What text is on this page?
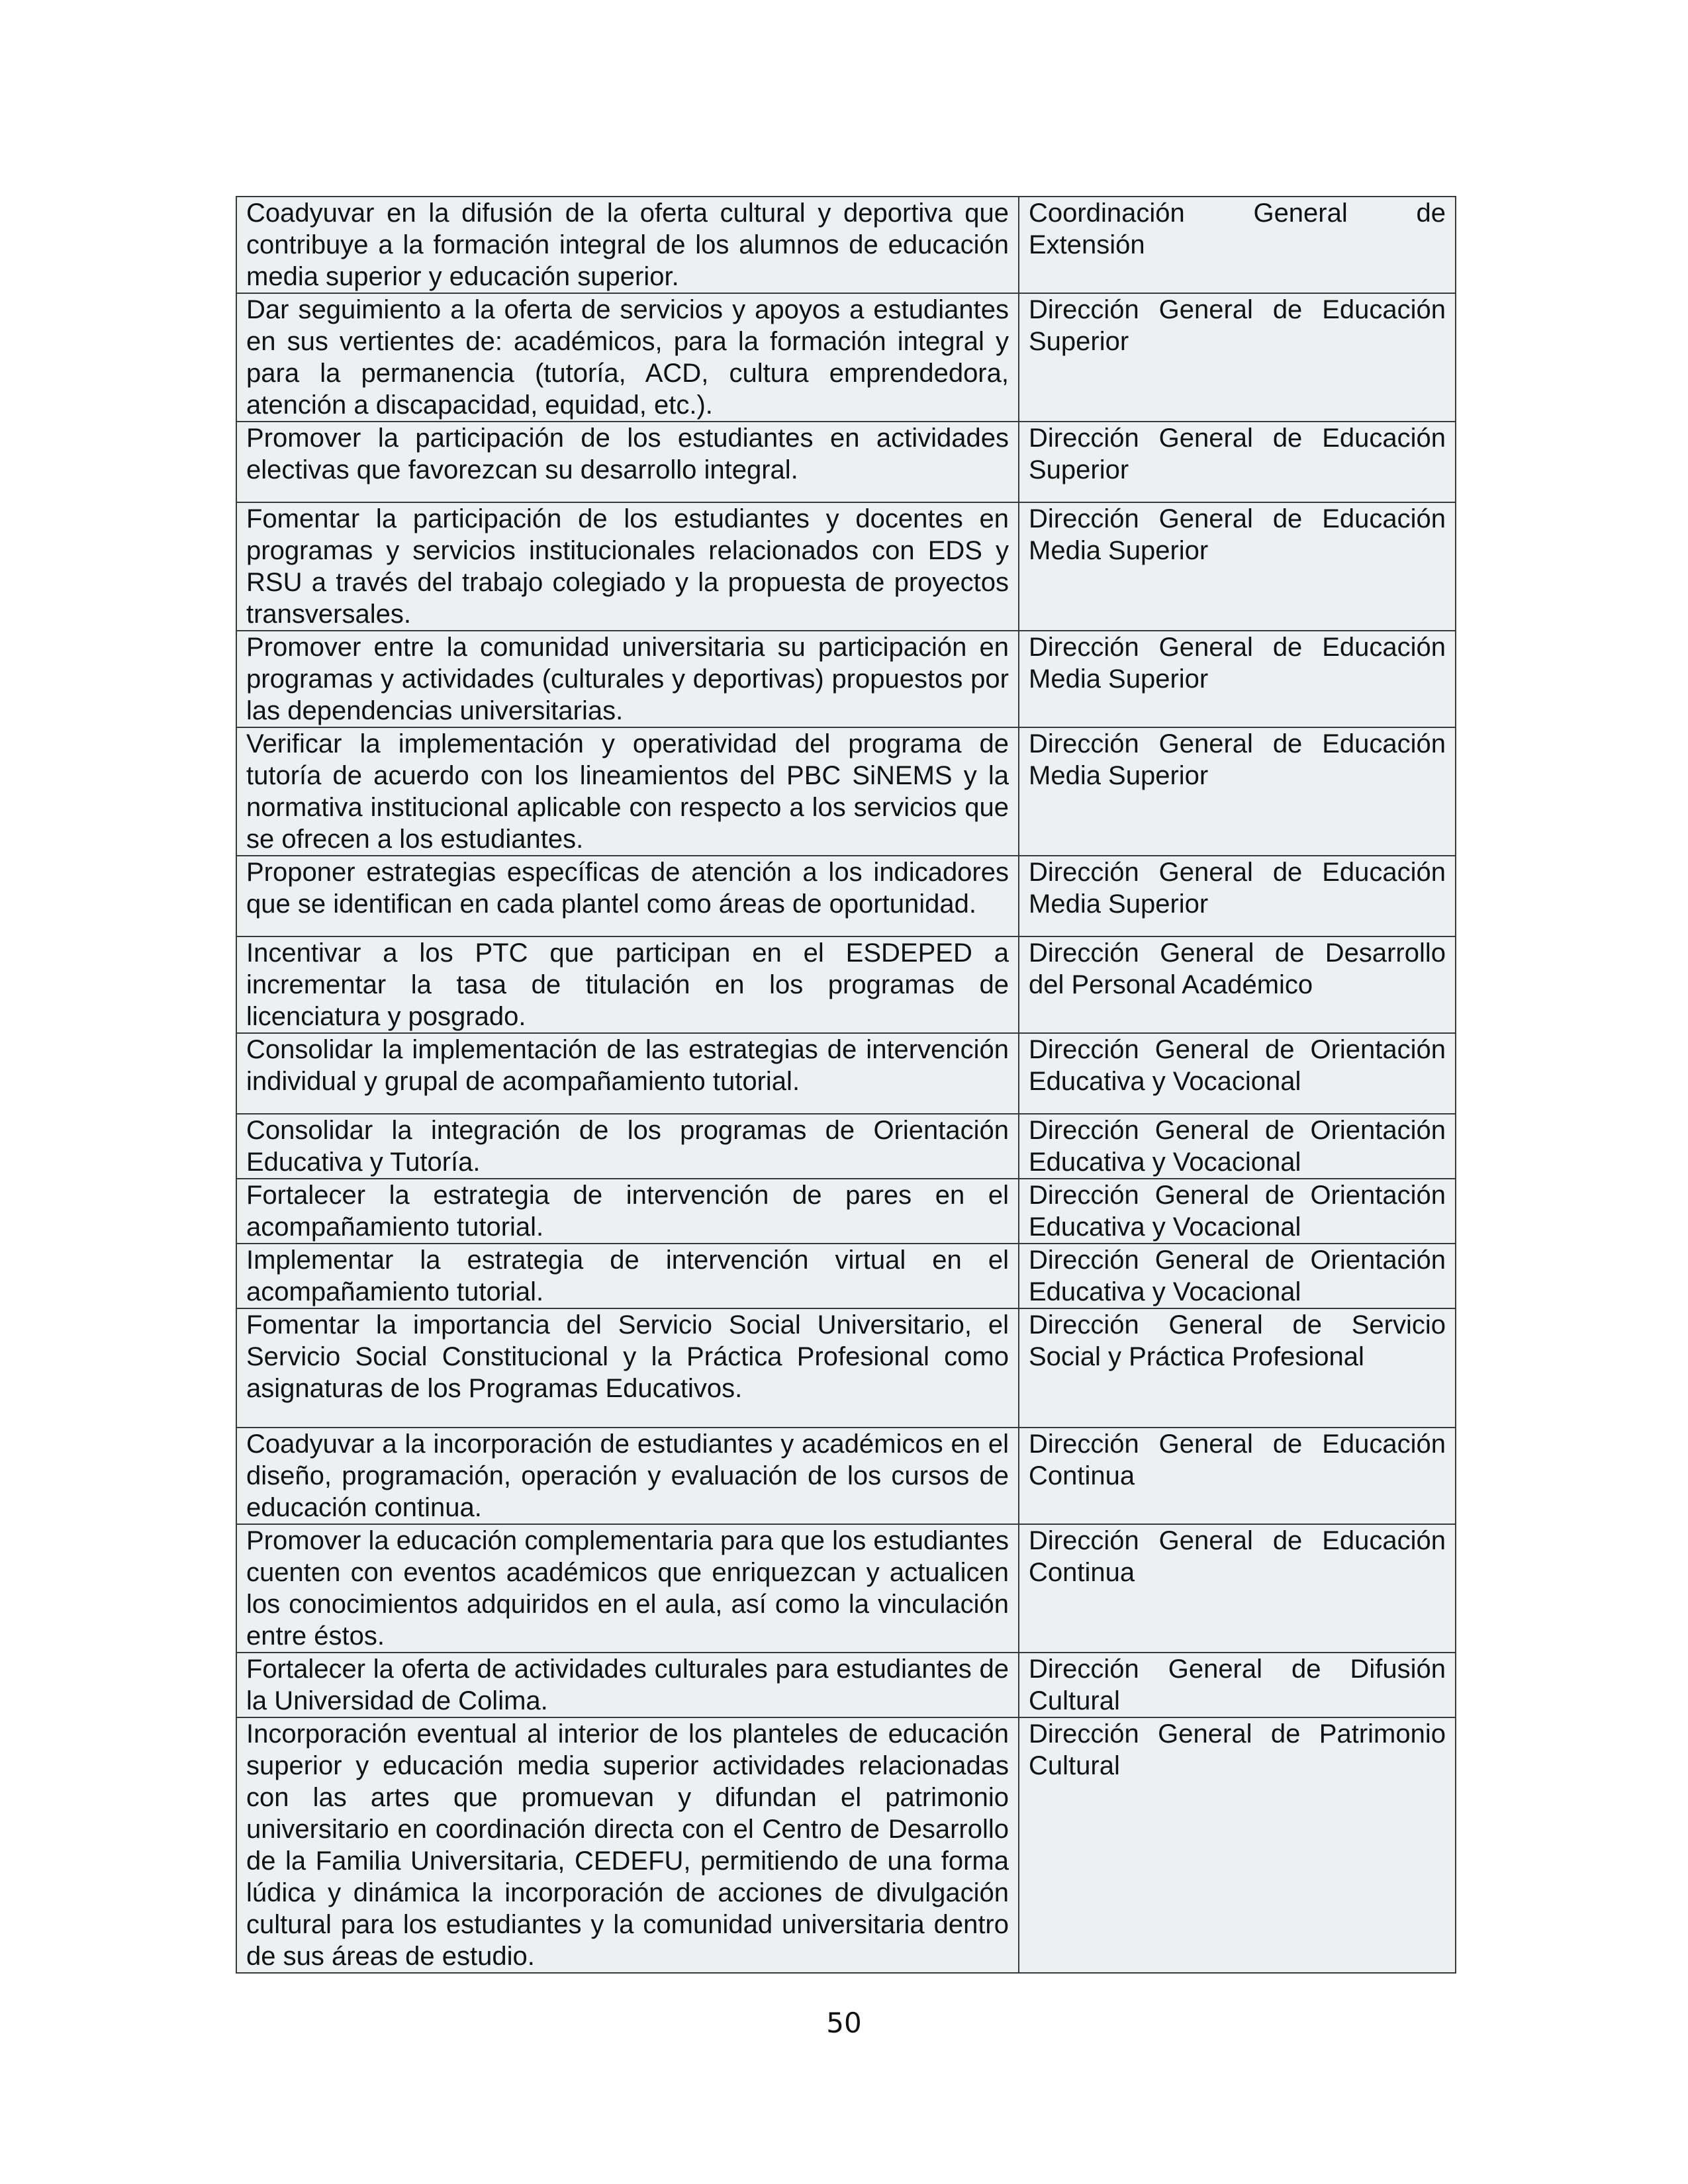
Coadyuvar en la difusión de la oferta cultural y deportiva que contribuye a la formación integral de los alumnos de educación media superior y educación superior.	Coordinación General de Extensión
Dar seguimiento a la oferta de servicios y apoyos a estudiantes en sus vertientes de: académicos, para la formación integral y para la permanencia (tutoría, ACD, cultura emprendedora, atención a discapacidad, equidad, etc.).	Dirección General de Educación Superior
Promover la participación de los estudiantes en actividades electivas que favorezcan su desarrollo integral.	Dirección General de Educación Superior
Fomentar la participación de los estudiantes y docentes en programas y servicios institucionales relacionados con EDS y RSU a través del trabajo colegiado y la propuesta de proyectos transversales.	Dirección General de Educación Media Superior
Promover entre la comunidad universitaria su participación en programas y actividades (culturales y deportivas) propuestos por las dependencias universitarias.	Dirección General de Educación Media Superior
Verificar la implementación y operatividad del programa de tutoría de acuerdo con los lineamientos del PBC SiNEMS y la normativa institucional aplicable con respecto a los servicios que se ofrecen a los estudiantes.	Dirección General de Educación Media Superior
Proponer estrategias específicas de atención a los indicadores que se identifican en cada plantel como áreas de oportunidad.	Dirección General de Educación Media Superior
Incentivar a los PTC que participan en el ESDEPED a incrementar la tasa de titulación en los programas de licenciatura y posgrado.	Dirección General de Desarrollo del Personal Académico
Consolidar la implementación de las estrategias de intervención individual y grupal de acompañamiento tutorial.	Dirección General de Orientación Educativa y Vocacional
Consolidar la integración de los programas de Orientación Educativa y Tutoría.	Dirección General de Orientación Educativa y Vocacional
Fortalecer la estrategia de intervención de pares en el acompañamiento tutorial.	Dirección General de Orientación Educativa y Vocacional
Implementar la estrategia de intervención virtual en el acompañamiento tutorial.	Dirección General de Orientación Educativa y Vocacional
Fomentar la importancia del Servicio Social Universitario, el Servicio Social Constitucional y la Práctica Profesional como asignaturas de los Programas Educativos.	Dirección General de Servicio Social y Práctica Profesional
Coadyuvar a la incorporación de estudiantes y académicos en el diseño, programación, operación y evaluación de los cursos de educación continua.	Dirección General de Educación Continua
Promover la educación complementaria para que los estudiantes cuenten con eventos académicos que enriquezcan y actualicen los conocimientos adquiridos en el aula, así como la vinculación entre éstos.	Dirección General de Educación Continua
Fortalecer la oferta de actividades culturales para estudiantes de la Universidad de Colima.	Dirección General de Difusión Cultural
Incorporación eventual al interior de los planteles de educación superior y educación media superior actividades relacionadas con las artes que promuevan y difundan el patrimonio universitario en coordinación directa con el Centro de Desarrollo de la Familia Universitaria, CEDEFU, permitiendo de una forma lúdica y dinámica la incorporación de acciones de divulgación cultural para los estudiantes y la comunidad universitaria dentro de sus áreas de estudio.	Dirección General de Patrimonio Cultural
50
